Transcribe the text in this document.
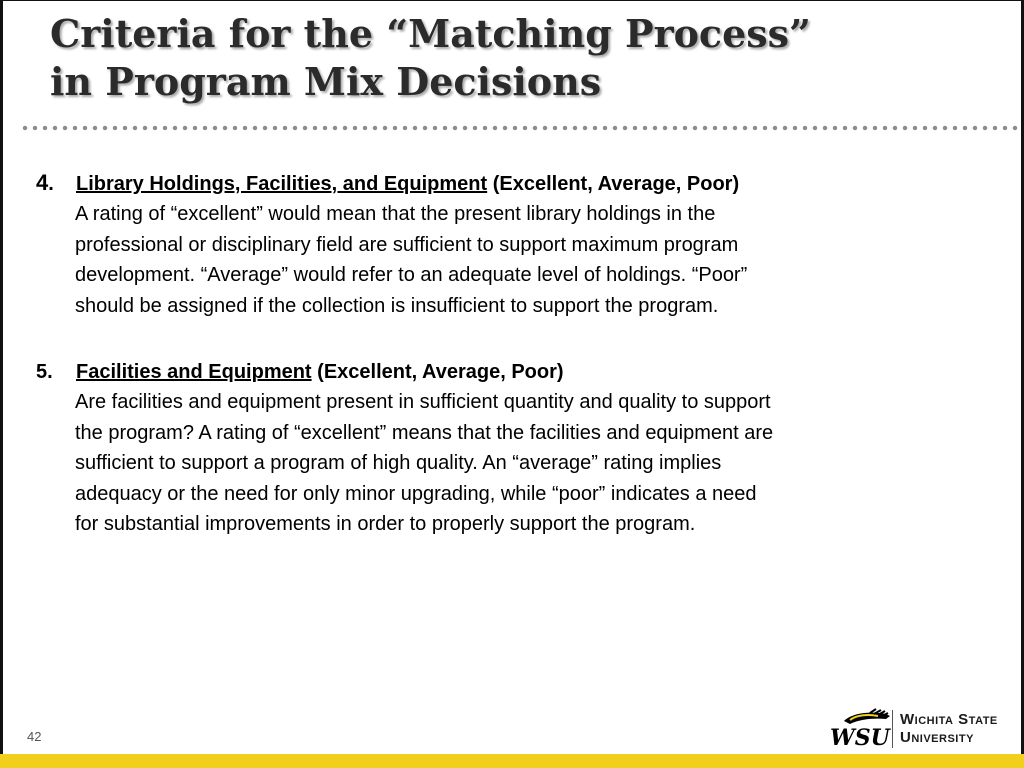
Criteria for the “Matching Process”
in Program Mix Decisions
4. Library Holdings, Facilities, and Equipment (Excellent, Average, Poor)
A rating of “excellent” would mean that the present library holdings in the
professional or disciplinary field are sufficient to support maximum program
development. “Average” would refer to an adequate level of holdings. “Poor”
should be assigned if the collection is insufficient to support the program.
5. Facilities and Equipment (Excellent, Average, Poor)
Are facilities and equipment present in sufficient quantity and quality to support
the program? A rating of “excellent” means that the facilities and equipment are
sufficient to support a program of high quality. An “average” rating implies
adequacy or the need for only minor upgrading, while “poor” indicates a need
for substantial improvements in order to properly support the program.
42	WSU
Wichita State
University
